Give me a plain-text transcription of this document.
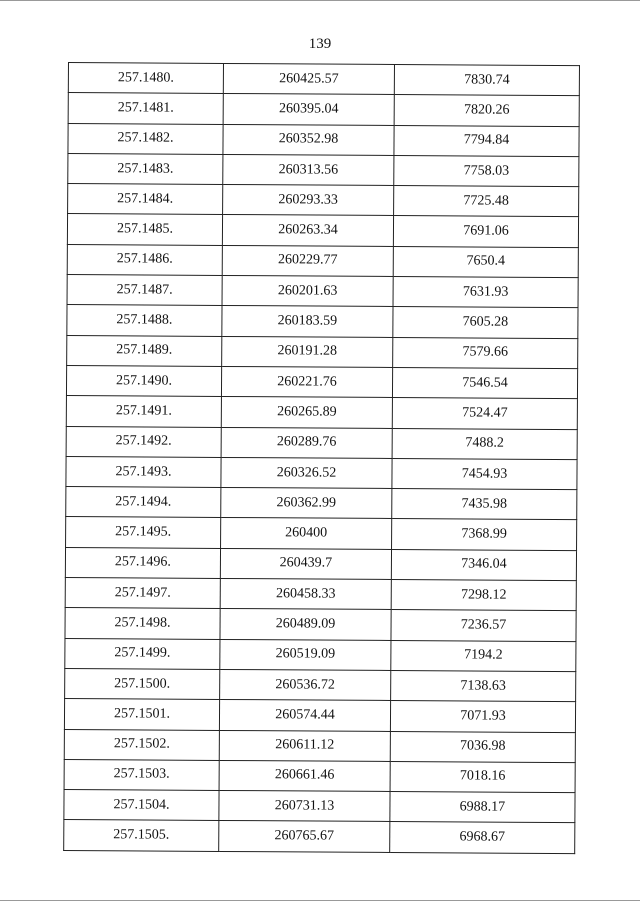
139
257.1480.	260425.57	7830.74
257.1481.	260395.04	7820.26
257.1482.	260352.98	7794.84
257.1483.	260313.56	7758.03
257.1484.	260293.33	7725.48
257.1485.	260263.34	7691.06
257.1486.	260229.77	7650.4
257.1487.	260201.63	7631.93
257.1488.	260183.59	7605.28
257.1489.	260191.28	7579.66
257.1490.	260221.76	7546.54
257.1491.	260265.89	7524.47
257.1492.	260289.76	7488.2
257.1493.	260326.52	7454.93
257.1494.	260362.99	7435.98
257.1495.	260400	7368.99
257.1496.	260439.7	7346.04
257.1497.	260458.33	7298.12
257.1498.	260489.09	7236.57
257.1499.	260519.09	7194.2
257.1500.	260536.72	7138.63
257.1501.	260574.44	7071.93
257.1502.	260611.12	7036.98
257.1503.	260661.46	7018.16
257.1504.	260731.13	6988.17
257.1505.	260765.67	6968.67
